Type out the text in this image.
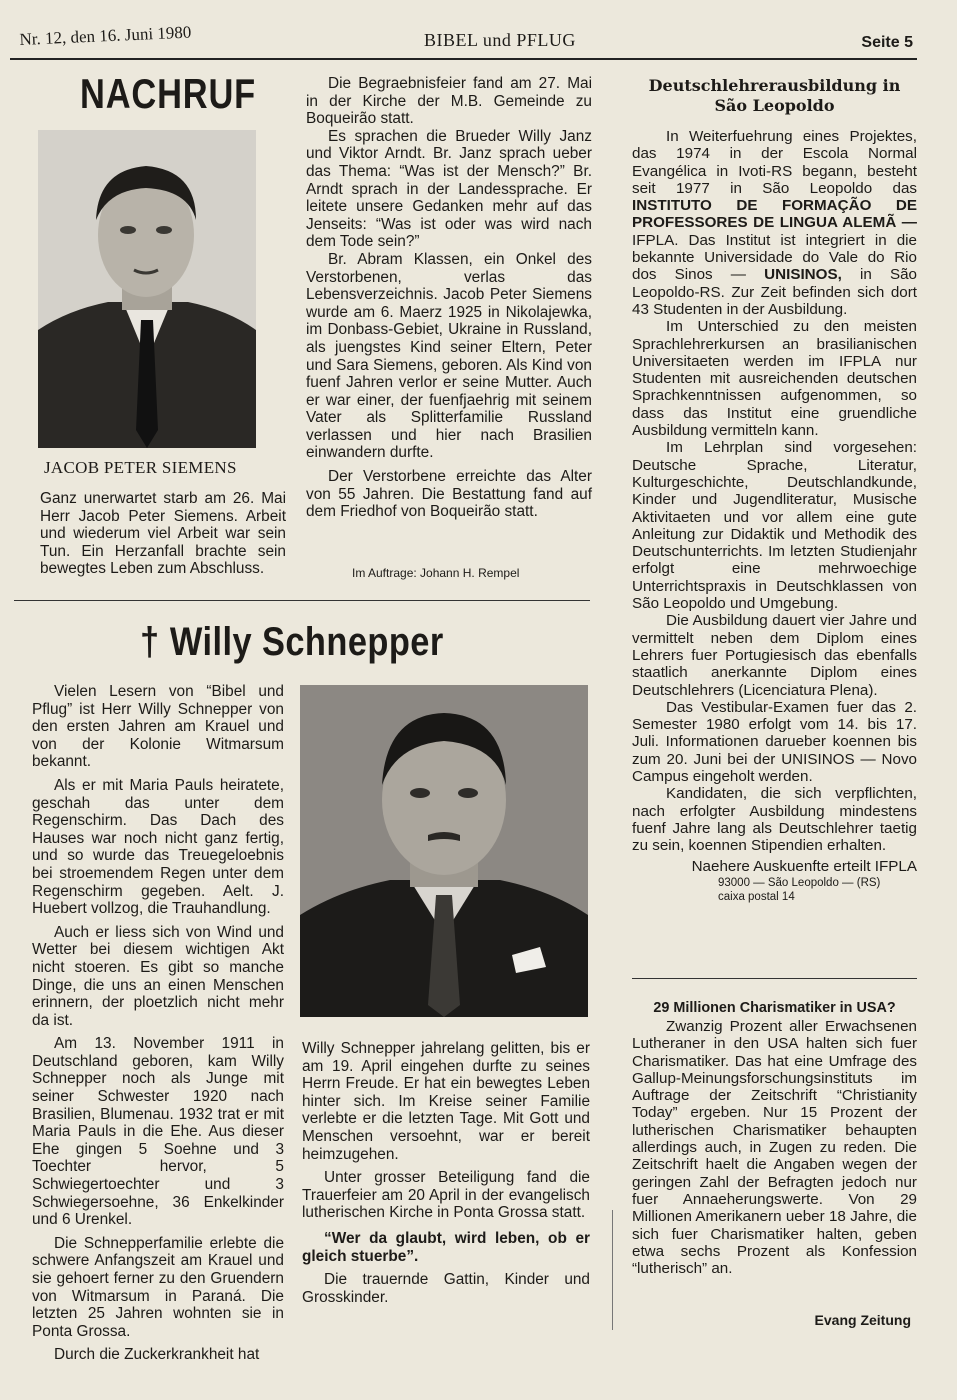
Nr. 12, den 16. Juni 1980	BIBEL und PFLUG	Seite 5
NACHRUF
JACOB PETER SIEMENS

Ganz unerwartet starb am 26. Mai Herr Jacob Peter Siemens. Arbeit und wiederum viel Arbeit war sein Tun. Ein Herzanfall brachte sein bewegtes Leben zum Abschluss.

Die Begraebnisfeier fand am 27. Mai in der Kirche der M.B. Gemeinde zu Boqueirão statt.

Es sprachen die Brueder Willy Janz und Viktor Arndt. Br. Janz sprach ueber das Thema: “Was ist der Mensch?” Br. Arndt sprach in der Landessprache. Er leitete unsere Gedanken mehr auf das Jenseits: “Was ist oder was wird nach dem Tode sein?”

Br. Abram Klassen, ein Onkel des Verstorbenen, verlas das Lebensverzeichnis. Jacob Peter Siemens wurde am 6. Maerz 1925 in Nikolajewka, im Donbass-Gebiet, Ukraine in Russland, als juengstes Kind seiner Eltern, Peter und Sara Siemens, geboren. Als Kind von fuenf Jahren verlor er seine Mutter. Auch er war einer, der fuenfjaehrig mit seinem Vater als Splitterfamilie Russland verlassen und hier nach Brasilien einwandern durfte.

Der Verstorbene erreichte das Alter von 55 Jahren. Die Bestattung fand auf dem Friedhof von Boqueirão statt.

Im Auftrage: Johann H. Rempel
† Willy Schnepper

Vielen Lesern von “Bibel und Pflug” ist Herr Willy Schnepper von den ersten Jahren am Krauel und von der Kolonie Witmarsum bekannt.

Als er mit Maria Pauls heiratete, geschah das unter dem Regenschirm. Das Dach des Hauses war noch nicht ganz fertig, und so wurde das Treuegeloebnis bei stroemendem Regen unter dem Regenschirm gegeben. Aelt. J. Huebert vollzog, die Trauhandlung.

Auch er liess sich von Wind und Wetter bei diesem wichtigen Akt nicht stoeren. Es gibt so manche Dinge, die uns an einen Menschen erinnern, der ploetzlich nicht mehr da ist.

Am 13. November 1911 in Deutschland geboren, kam Willy Schnepper noch als Junge mit seiner Schwester 1920 nach Brasilien, Blumenau. 1932 trat er mit Maria Pauls in die Ehe. Aus dieser Ehe gingen 5 Soehne und 3 Toechter hervor, 5 Schwiegertoechter und 3 Schwiegersoehne, 36 Enkelkinder und 6 Urenkel.

Die Schnepperfamilie erlebte die schwere Anfangszeit am Krauel und sie gehoert ferner zu den Gruendern von Witmarsum in Paraná. Die letzten 25 Jahren wohnten sie in Ponta Grossa.

Durch die Zuckerkrankheit hat

Willy Schnepper jahrelang gelitten, bis er am 19. April eingehen durfte zu seines Herrn Freude. Er hat ein bewegtes Leben hinter sich. Im Kreise seiner Familie verlebte er die letzten Tage. Mit Gott und Menschen versoehnt, war er bereit heimzugehen.

Unter grosser Beteiligung fand die Trauerfeier am 20 April in der evangelisch lutherischen Kirche in Ponta Grossa statt.

“Wer da glaubt, wird leben, ob er gleich stuerbe”.

Die trauernde Gattin, Kinder und Grosskinder.

Deutschlehrerausbildung in São Leopoldo

In Weiterfuehrung eines Projektes, das 1974 in der Escola Normal Evangélica in Ivoti-RS begann, besteht seit 1977 in São Leopoldo das INSTITUTO DE FORMAÇÃO DE PROFESSORES DE LINGUA ALEMÃ — IFPLA. Das Institut ist integriert in die bekannte Universidade do Vale do Rio dos Sinos — UNISINOS, in São Leopoldo-RS. Zur Zeit befinden sich dort 43 Studenten in der Ausbildung.

Im Unterschied zu den meisten Sprachlehrerkursen an brasilianischen Universitaeten werden im IFPLA nur Studenten mit ausreichenden deutschen Sprachkenntnissen aufgenommen, so dass das Institut eine gruendliche Ausbildung vermitteln kann.

Im Lehrplan sind vorgesehen: Deutsche Sprache, Literatur, Kulturgeschichte, Deutschlandkunde, Kinder und Jugendliteratur, Musische Aktivitaeten und vor allem eine gute Anleitung zur Didaktik und Methodik des Deutschunterrichts. Im letzten Studienjahr erfolgt eine mehrwoechige Unterrichtspraxis in Deutschklassen von São Leopoldo und Umgebung.

Die Ausbildung dauert vier Jahre und vermittelt neben dem Diplom eines Lehrers fuer Portugiesisch das ebenfalls staatlich anerkannte Diplom eines Deutschlehrers (Licenciatura Plena).

Das Vestibular-Examen fuer das 2. Semester 1980 erfolgt vom 14. bis 17. Juli. Informationen darueber koennen bis zum 20. Juni bei der UNISINOS — Novo Campus eingeholt werden.

Kandidaten, die sich verpflichten, nach erfolgter Ausbildung mindestens fuenf Jahre lang als Deutschlehrer taetig zu sein, koennen Stipendien erhalten.

Naehere Auskuenfte erteilt IFPLA

93000 — São Leopoldo — (RS)

caixa postal 14

29 Millionen Charismatiker in USA?

Zwanzig Prozent aller Erwachsenen Lutheraner in den USA halten sich fuer Charismatiker. Das hat eine Umfrage des Gallup-Meinungsforschungsinstituts im Auftrage der Zeitschrift “Christianity Today” ergeben. Nur 15 Prozent der lutherischen Charismatiker behaupten allerdings auch, in Zugen zu reden. Die Zeitschrift haelt die Angaben wegen der geringen Zahl der Befragten jedoch nur fuer Annaeherungswerte. Von 29 Millionen Amerikanern ueber 18 Jahre, die sich fuer Charismatiker halten, geben etwa sechs Prozent als Konfession “lutherisch” an.

Evang Zeitung
